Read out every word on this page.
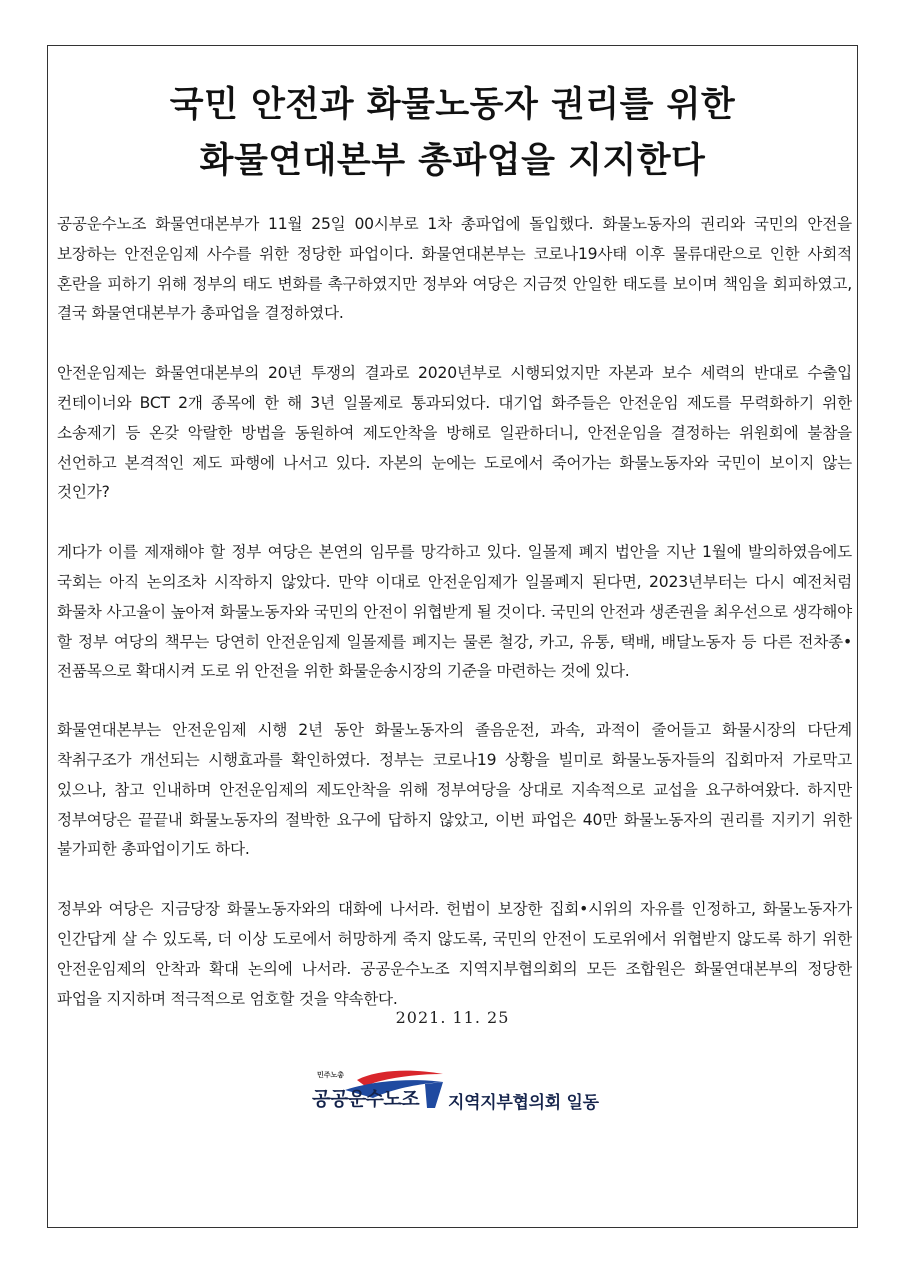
국민 안전과 화물노동자 권리를 위한
화물연대본부 총파업을 지지한다

공공운수노조 화물연대본부가 11월 25일 00시부로 1차 총파업에 돌입했다. 화물노동자의 권리와 국민의 안전을 보장하는 안전운임제 사수를 위한 정당한 파업이다. 화물연대본부는 코로나19사태 이후 물류대란으로 인한 사회적 혼란을 피하기 위해 정부의 태도 변화를 촉구하였지만 정부와 여당은 지금껏 안일한 태도를 보이며 책임을 회피하였고, 결국 화물연대본부가 총파업을 결정하였다.

안전운임제는 화물연대본부의 20년 투쟁의 결과로 2020년부로 시행되었지만 자본과 보수 세력의 반대로 수출입 컨테이너와 BCT 2개 종목에 한 해 3년 일몰제로 통과되었다. 대기업 화주들은 안전운임 제도를 무력화하기 위한 소송제기 등 온갖 악랄한 방법을 동원하여 제도안착을 방해로 일관하더니, 안전운임을 결정하는 위원회에 불참을 선언하고 본격적인 제도 파행에 나서고 있다. 자본의 눈에는 도로에서 죽어가는 화물노동자와 국민이 보이지 않는 것인가?

게다가 이를 제재해야 할 정부 여당은 본연의 임무를 망각하고 있다. 일몰제 폐지 법안을 지난 1월에 발의하였음에도 국회는 아직 논의조차 시작하지 않았다. 만약 이대로 안전운임제가 일몰폐지 된다면, 2023년부터는 다시 예전처럼 화물차 사고율이 높아져 화물노동자와 국민의 안전이 위협받게 될 것이다. 국민의 안전과 생존권을 최우선으로 생각해야 할 정부 여당의 책무는 당연히 안전운임제 일몰제를 폐지는 물론 철강, 카고, 유통, 택배, 배달노동자 등 다른 전차종•전품목으로 확대시켜 도로 위 안전을 위한 화물운송시장의 기준을 마련하는 것에 있다.

화물연대본부는 안전운임제 시행 2년 동안 화물노동자의 졸음운전, 과속, 과적이 줄어들고 화물시장의 다단계 착취구조가 개선되는 시행효과를 확인하였다. 정부는 코로나19 상황을 빌미로 화물노동자들의 집회마저 가로막고 있으나, 참고 인내하며 안전운임제의 제도안착을 위해 정부여당을 상대로 지속적으로 교섭을 요구하여왔다. 하지만 정부여당은 끝끝내 화물노동자의 절박한 요구에 답하지 않았고, 이번 파업은 40만 화물노동자의 권리를 지키기 위한 불가피한 총파업이기도 하다.

정부와 여당은 지금당장 화물노동자와의 대화에 나서라. 헌법이 보장한 집회•시위의 자유를 인정하고, 화물노동자가 인간답게 살 수 있도록, 더 이상 도로에서 허망하게 죽지 않도록, 국민의 안전이 도로위에서 위협받지 않도록 하기 위한 안전운임제의 안착과 확대 논의에 나서라. 공공운수노조 지역지부협의회의 모든 조합원은 화물연대본부의 정당한 파업을 지지하며 적극적으로 엄호할 것을 약속한다.

2021. 11. 25
민주노총
공공운수노조 지역지부협의회 일동
